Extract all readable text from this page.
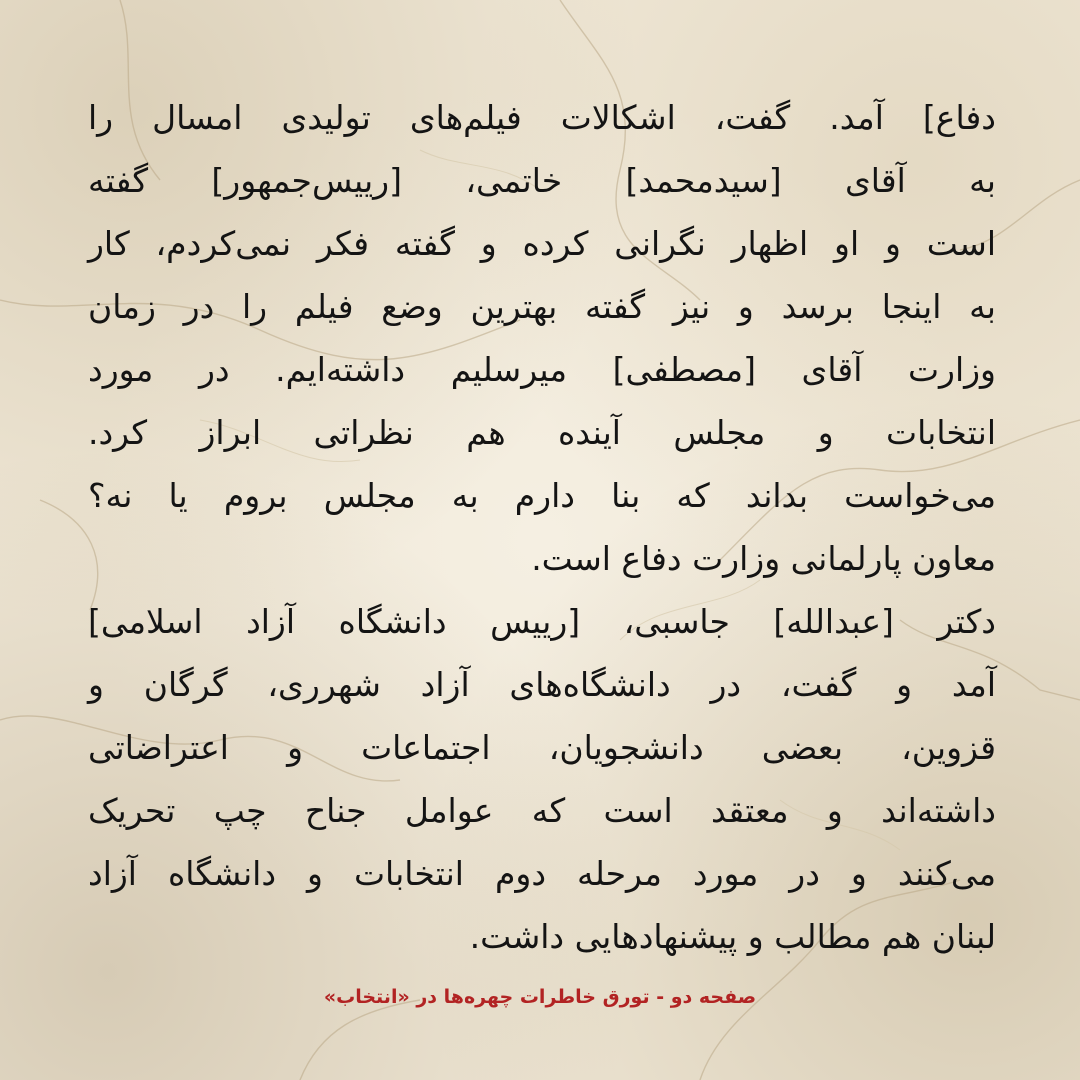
دفاع] آمد. گفت، اشکالات فیلم‌های تولیدی امسال را
به آقای [سیدمحمد] خاتمی، [رییس‌جمهور] گفته
است و او اظهار نگرانی کرده و گفته فکر نمی‌کردم، کار
به اینجا برسد و نیز گفته بهترین وضع فیلم را در زمان
وزارت آقای [مصطفی] میرسلیم داشته‌ایم. در مورد
انتخابات و مجلس آینده هم نظراتی ابراز کرد.
می‌خواست بداند که بنا دارم به مجلس بروم یا نه؟
معاون پارلمانی وزارت دفاع است.
دکتر [عبدالله] جاسبی، [رییس دانشگاه آزاد اسلامی]
آمد و گفت، در دانشگاه‌های آزاد شهرری، گرگان و
قزوین، بعضی دانشجویان، اجتماعات و اعتراضاتی
داشته‌اند و معتقد است که عوامل جناح چپ تحریک
می‌کنند و در مورد مرحله دوم انتخابات و دانشگاه آزاد
لبنان هم مطالب و پیشنهادهایی داشت.
صفحه دو - تورق خاطرات چهره‌ها در «انتخاب»
